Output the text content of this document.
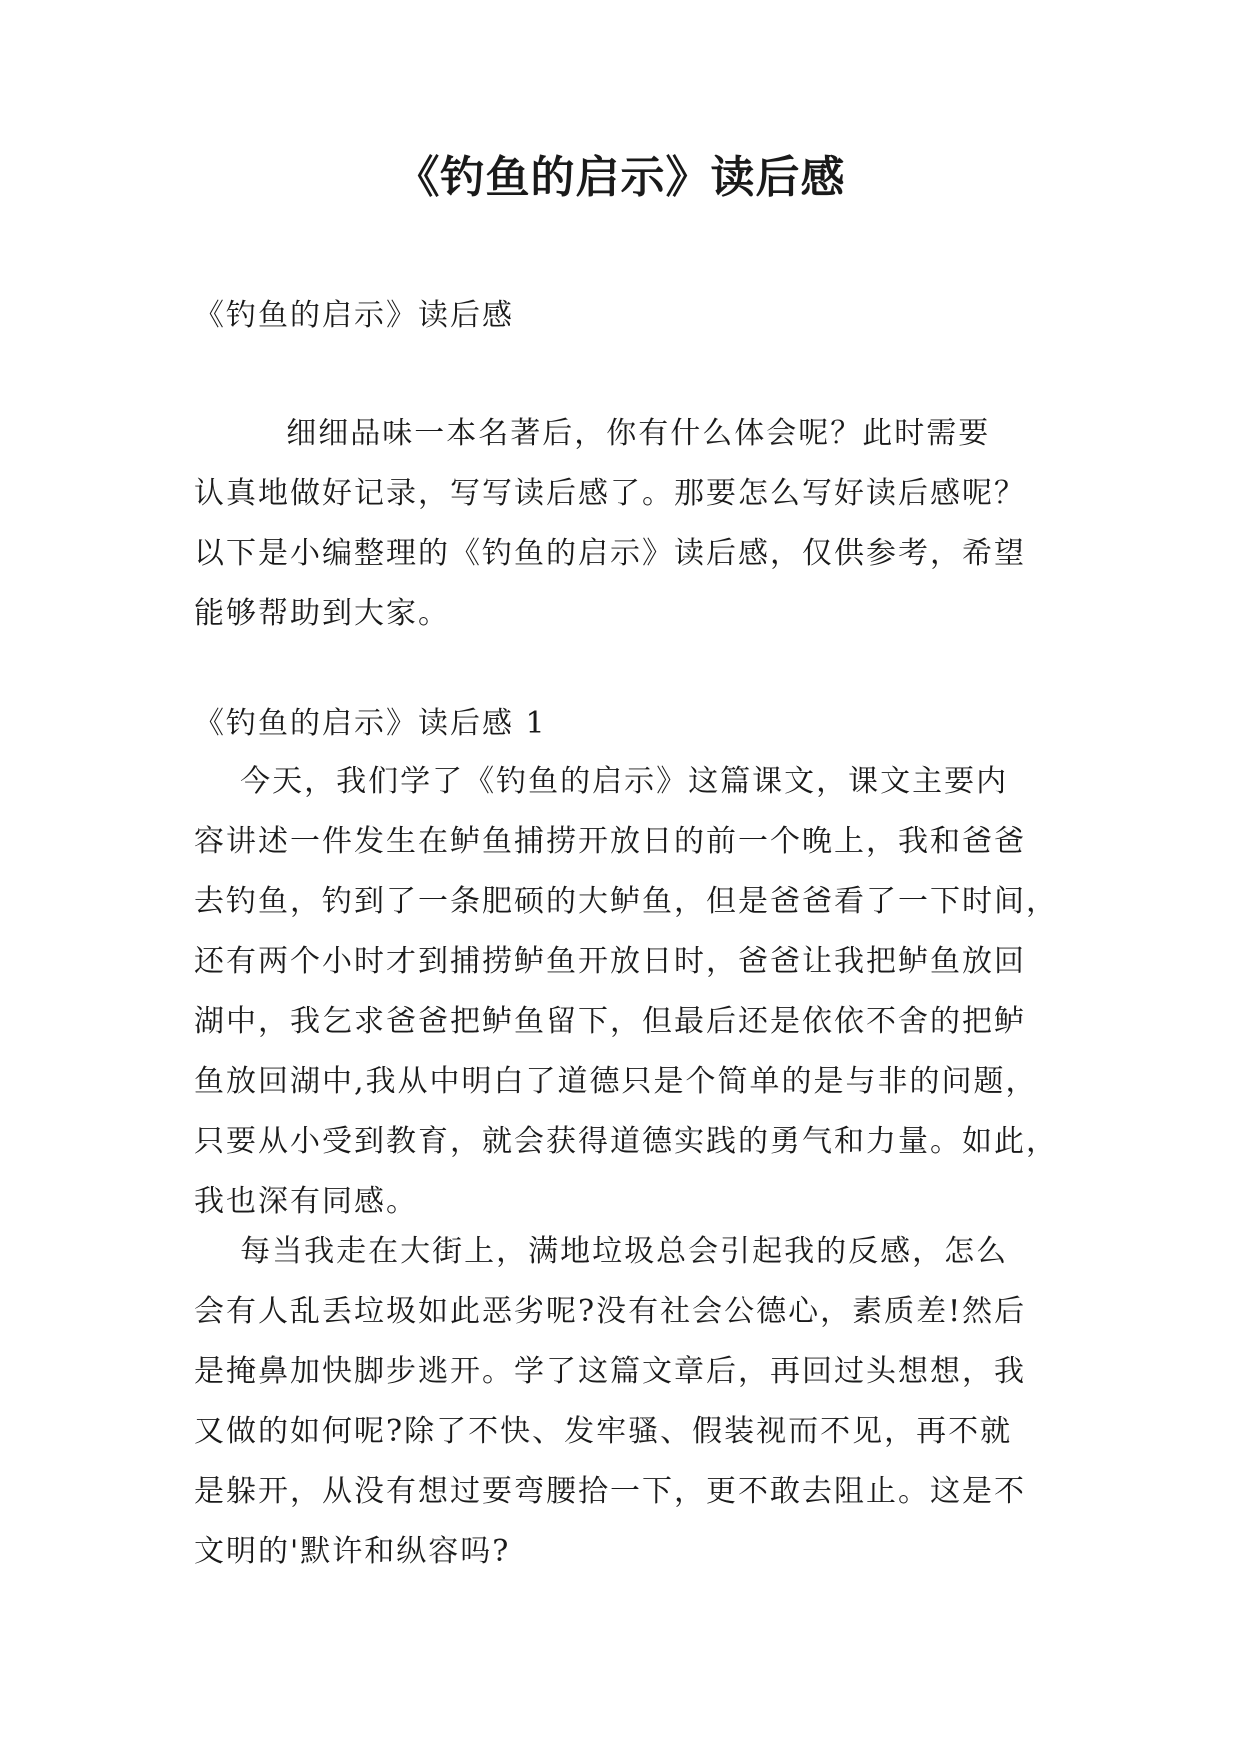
《钓鱼的启示》读后感

《钓鱼的启示》读后感

细细品味一本名著后，你有什么体会呢？此时需要
认真地做好记录，写写读后感了。那要怎么写好读后感呢？
以下是小编整理的《钓鱼的启示》读后感，仅供参考，希望
能够帮助到大家。

《钓鱼的启示》读后感 1

今天，我们学了《钓鱼的启示》这篇课文，课文主要内
容讲述一件发生在鲈鱼捕捞开放日的前一个晚上，我和爸爸
去钓鱼，钓到了一条肥硕的大鲈鱼，但是爸爸看了一下时间，
还有两个小时才到捕捞鲈鱼开放日时，爸爸让我把鲈鱼放回
湖中，我乞求爸爸把鲈鱼留下，但最后还是依依不舍的把鲈
鱼放回湖中,我从中明白了道德只是个简单的是与非的问题，
只要从小受到教育，就会获得道德实践的勇气和力量。如此，
我也深有同感。
每当我走在大街上，满地垃圾总会引起我的反感，怎么
会有人乱丢垃圾如此恶劣呢?没有社会公德心，素质差!然后
是掩鼻加快脚步逃开。学了这篇文章后，再回过头想想，我
又做的如何呢?除了不快、发牢骚、假装视而不见，再不就
是躲开，从没有想过要弯腰拾一下，更不敢去阻止。这是不
文明的'默许和纵容吗?
